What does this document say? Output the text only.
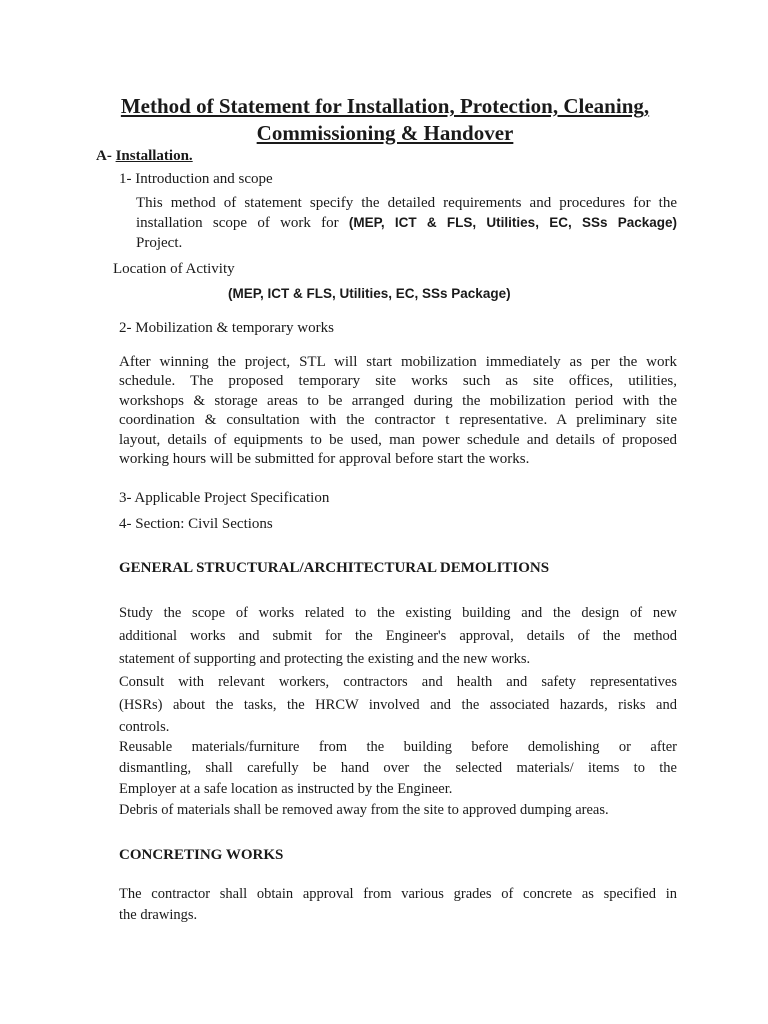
Method of Statement for Installation, Protection, Cleaning,

Commissioning & Handover

A- Installation.

1- Introduction and scope

This method of statement specify the detailed requirements and procedures for the
installation scope of work for (MEP, ICT & FLS, Utilities, EC, SSs Package)
Project.

Location of Activity

(MEP, ICT & FLS, Utilities, EC, SSs Package)

2- Mobilization & temporary works

After winning the project, STL will start mobilization immediately as per the work
schedule. The proposed temporary site works such as site offices, utilities,
workshops & storage areas to be arranged during the mobilization period with the
coordination & consultation with the contractor t representative. A preliminary site
layout, details of equipments to be used, man power schedule and details of proposed
working hours will be submitted for approval before start the works.

3- Applicable Project Specification

4- Section: Civil Sections

GENERAL STRUCTURAL/ARCHITECTURAL DEMOLITIONS

Study the scope of works related to the existing building and the design of new
additional works and submit for the Engineer's approval, details of the method
statement of supporting and protecting the existing and the new works.
Consult with relevant workers, contractors and health and safety representatives
(HSRs) about the tasks, the HRCW involved and the associated hazards, risks and
controls.
Reusable materials/furniture from the building before demolishing or after
dismantling, shall carefully be hand over the selected materials/ items to the
Employer at a safe location as instructed by the Engineer.
Debris of materials shall be removed away from the site to approved dumping areas.

CONCRETING WORKS

The contractor shall obtain approval from various grades of concrete as specified in
the drawings.
